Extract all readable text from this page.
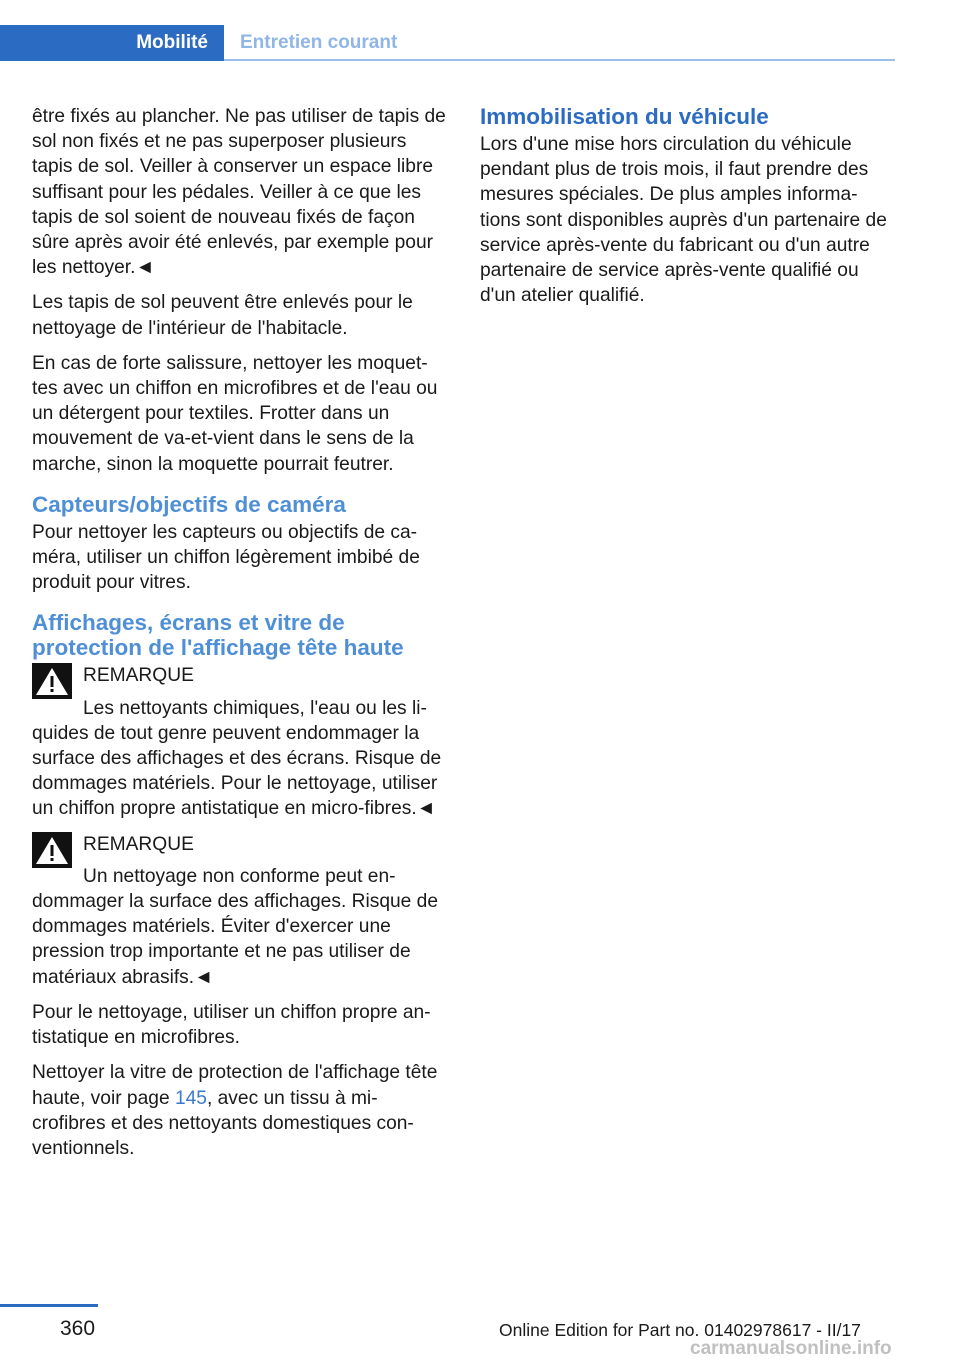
Mobilité	Entretien courant

être fixés au plancher. Ne pas utiliser de tapis de sol non fixés et ne pas superposer plusieurs tapis de sol. Veiller à conserver un espace libre suffisant pour les pédales. Veiller à ce que les tapis de sol soient de nouveau fixés de façon sûre après avoir été enlevés, par exemple pour les nettoyer.◄

Les tapis de sol peuvent être enlevés pour le nettoyage de l'intérieur de l'habitacle.

En cas de forte salissure, nettoyer les moquet‐tes avec un chiffon en microfibres et de l'eau ou un détergent pour textiles. Frotter dans un mouvement de va-et-vient dans le sens de la marche, sinon la moquette pourrait feutrer.

Capteurs/objectifs de caméra

Pour nettoyer les capteurs ou objectifs de ca‐méra, utiliser un chiffon légèrement imbibé de produit pour vitres.

Affichages, écrans et vitre de protection de l'affichage tête haute
REMARQUE
Les nettoyants chimiques, l'eau ou les li‐
quides de tout genre peuvent endommager la surface des affichages et des écrans. Risque de dommages matériels. Pour le nettoyage, utiliser un chiffon propre antistatique en micro‐fibres.◄
REMARQUE
Un nettoyage non conforme peut en‐
dommager la surface des affichages. Risque de dommages matériels. Éviter d'exercer une pression trop importante et ne pas utiliser de matériaux abrasifs.◄

Pour le nettoyage, utiliser un chiffon propre an‐tistatique en microfibres.

Nettoyer la vitre de protection de l'affichage tête haute, voir page 145, avec un tissu à mi‐crofibres et des nettoyants domestiques con‐ventionnels.

Immobilisation du véhicule

Lors d'une mise hors circulation du véhicule pendant plus de trois mois, il faut prendre des mesures spéciales. De plus amples informa‐tions sont disponibles auprès d'un partenaire de service après-vente du fabricant ou d'un autre partenaire de service après-vente qualifié ou d'un atelier qualifié.

360	Online Edition for Part no. 01402978617 - II/17
carmanualsonline.info
